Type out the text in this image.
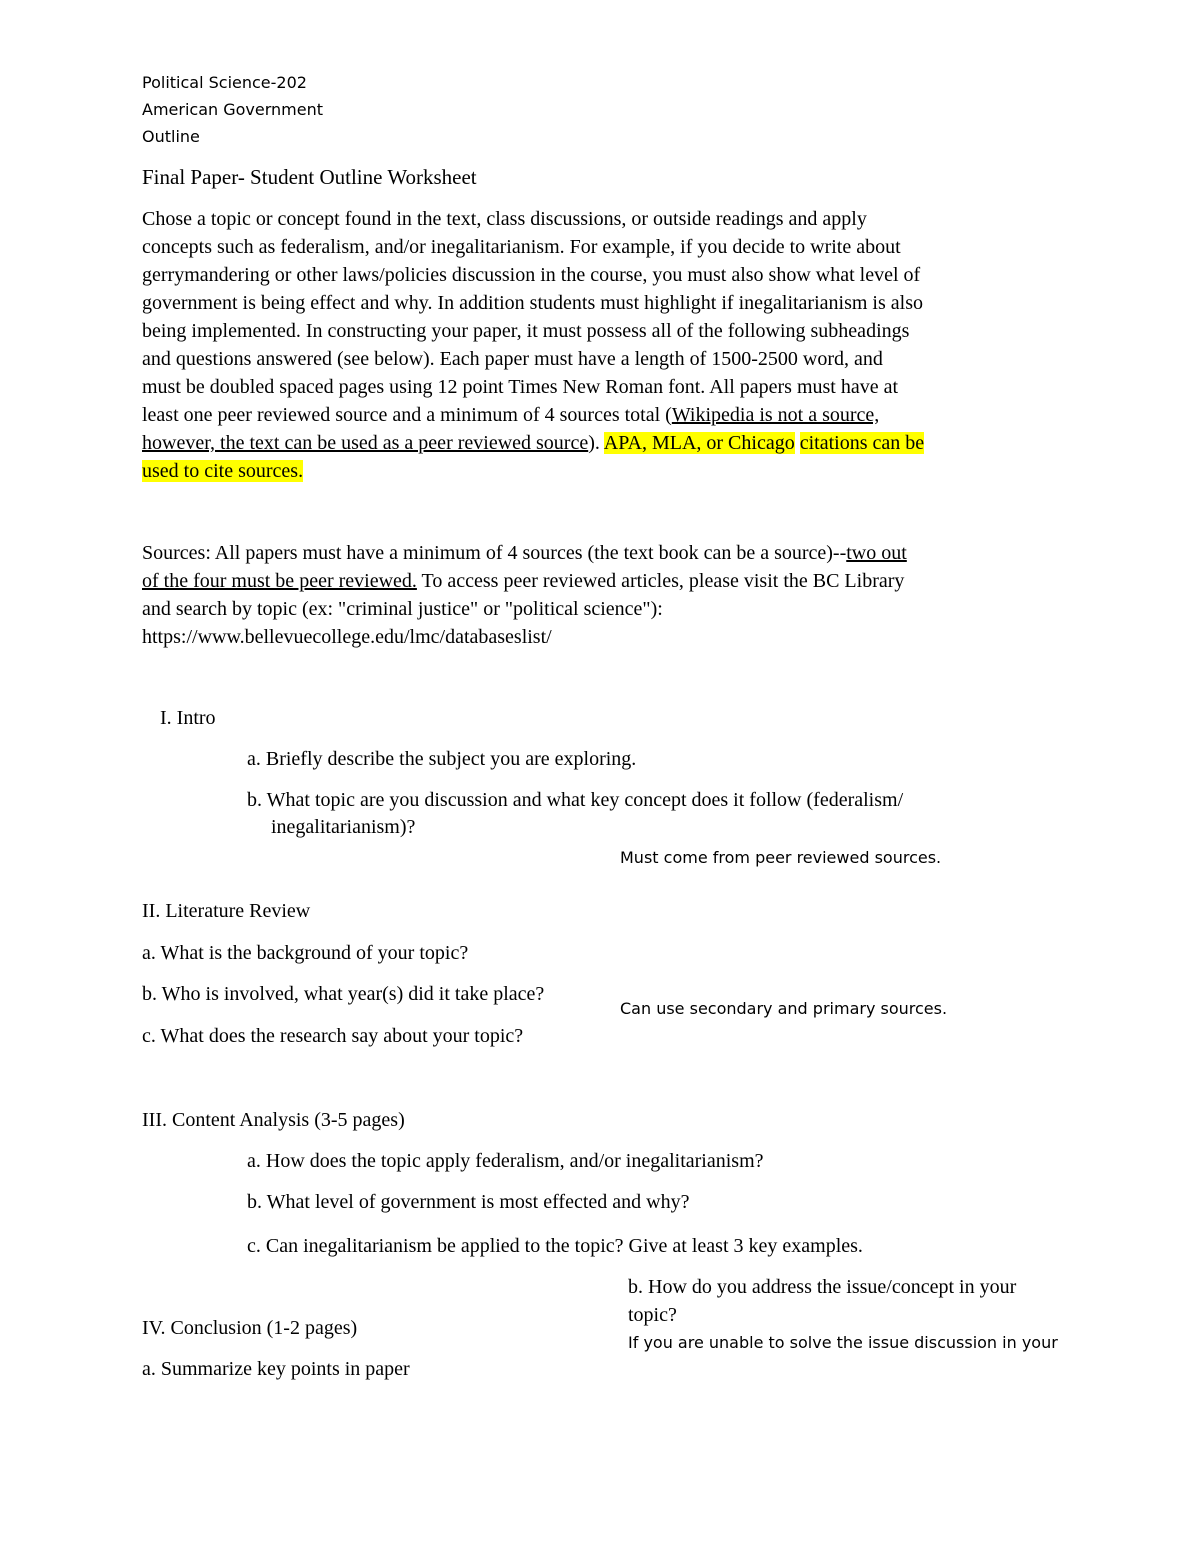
Political Science-202
American Government
Outline
Final Paper- Student Outline Worksheet
Chose a topic or concept found in the text, class discussions, or outside readings and apply
concepts such as federalism, and/or inegalitarianism. For example, if you decide to write about
gerrymandering or other laws/policies discussion in the course, you must also show what level of
government is being effect and why. In addition students must highlight if inegalitarianism is also
being implemented. In constructing your paper, it must possess all of the following subheadings
and questions answered (see below). Each paper must have a length of 1500-2500 word, and
must be doubled spaced pages using 12 point Times New Roman font. All papers must have at
least one peer reviewed source and a minimum of 4 sources total (Wikipedia is not a source,
however, the text can be used as a peer reviewed source). APA, MLA, or Chicago citations can be
used to cite sources.
Sources: All papers must have a minimum of 4 sources (the text book can be a source)--two out
of the four must be peer reviewed. To access peer reviewed articles, please visit the BC Library
and search by topic (ex: "criminal justice" or "political science"):
https://www.bellevuecollege.edu/lmc/databaseslist/
I. Intro
a. Briefly describe the subject you are exploring.
b. What topic are you discussion and what key concept does it follow (federalism/
inegalitarianism)?
Must come from peer reviewed sources.
II. Literature Review
a. What is the background of your topic?
b. Who is involved, what year(s) did it take place?
Can use secondary and primary sources.
c. What does the research say about your topic?
III. Content Analysis (3-5 pages)
a. How does the topic apply federalism, and/or inegalitarianism?
b. What level of government is most effected and why?
c. Can inegalitarianism be applied to the topic? Give at least 3 key examples.
b. How do you address the issue/concept in your
topic?
IV. Conclusion (1-2 pages)
If you are unable to solve the issue discussion in your
a. Summarize key points in paper
